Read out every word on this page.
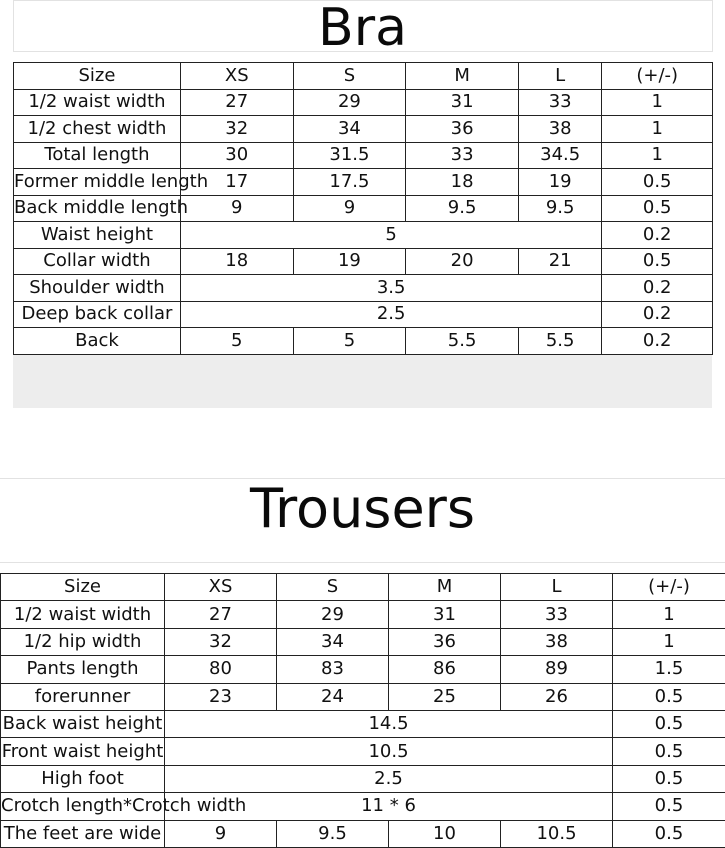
Bra
Size	XS	S	M	L	(+/-)
1/2 waist width	27	29	31	33	1
1/2 chest width	32	34	36	38	1
Total length	30	31.5	33	34.5	1
Former middle length	17	17.5	18	19	0.5
Back middle length	9	9	9.5	9.5	0.5
Waist height	5				0.2
Collar width	18	19	20	21	0.5
Shoulder width	3.5				0.2
Deep back collar	2.5				0.2
Back	5	5	5.5	5.5	0.2
Trousers
Size	XS	S	M	L	(+/-)
1/2 waist width	27	29	31	33	1
1/2 hip width	32	34	36	38	1
Pants length	80	83	86	89	1.5
forerunner	23	24	25	26	0.5
Back waist height	14.5				0.5
Front waist height	10.5				0.5
High foot	2.5				0.5
Crotch length*Crotch width	11 * 6				0.5
The feet are wide	9	9.5	10	10.5	0.5
